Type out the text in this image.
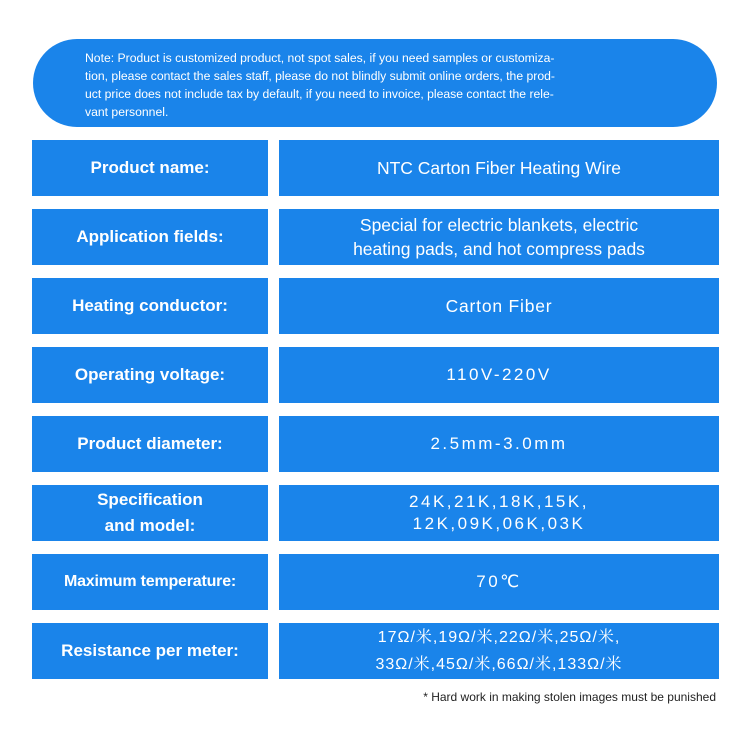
Note: Product is customized product, not spot sales, if you need samples or customiza-
tion, please contact the sales staff, please do not blindly submit online orders, the prod-
uct price does not include tax by default, if you need to invoice, please contact the rele-
vant personnel.
Product name:	NTC Carton Fiber Heating Wire
Application fields:
Special for electric blankets, electric
heating pads, and hot compress pads
Heating conductor:	Carton Fiber
Operating voltage:	110V-220V
Product diameter:	2.5mm-3.0mm
Specification
and model:
24K,21K,18K,15K,
12K,09K,06K,03K
Maximum temperature:	70℃
Resistance per meter:
17Ω/米,19Ω/米,22Ω/米,25Ω/米,
33Ω/米,45Ω/米,66Ω/米,133Ω/米
* Hard work in making stolen images must be punished
